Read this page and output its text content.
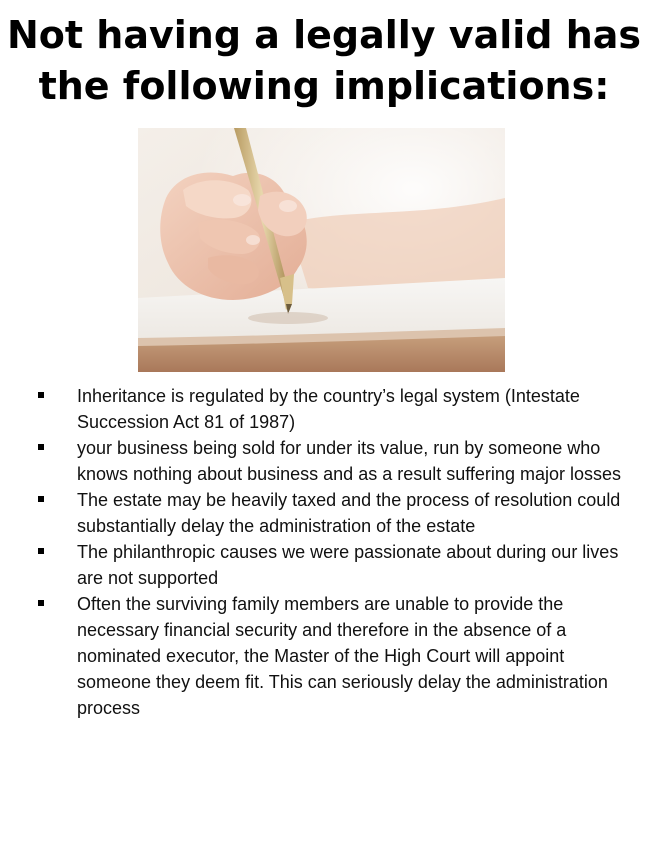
Not having a legally valid has
the following implications:
Inheritance is regulated by the country’s legal system (Intestate Succession Act 81 of 1987)
your business being sold for under its value, run by someone who knows nothing about business and as a result suffering major losses
The estate may be heavily taxed and the process of resolution could substantially delay the administration of the estate
The philanthropic causes we were passionate about during our lives are not supported
Often the surviving family members are unable to provide the necessary financial security and therefore in the absence of a nominated executor, the Master of the High Court will appoint someone they deem fit. This can seriously delay the administration process
